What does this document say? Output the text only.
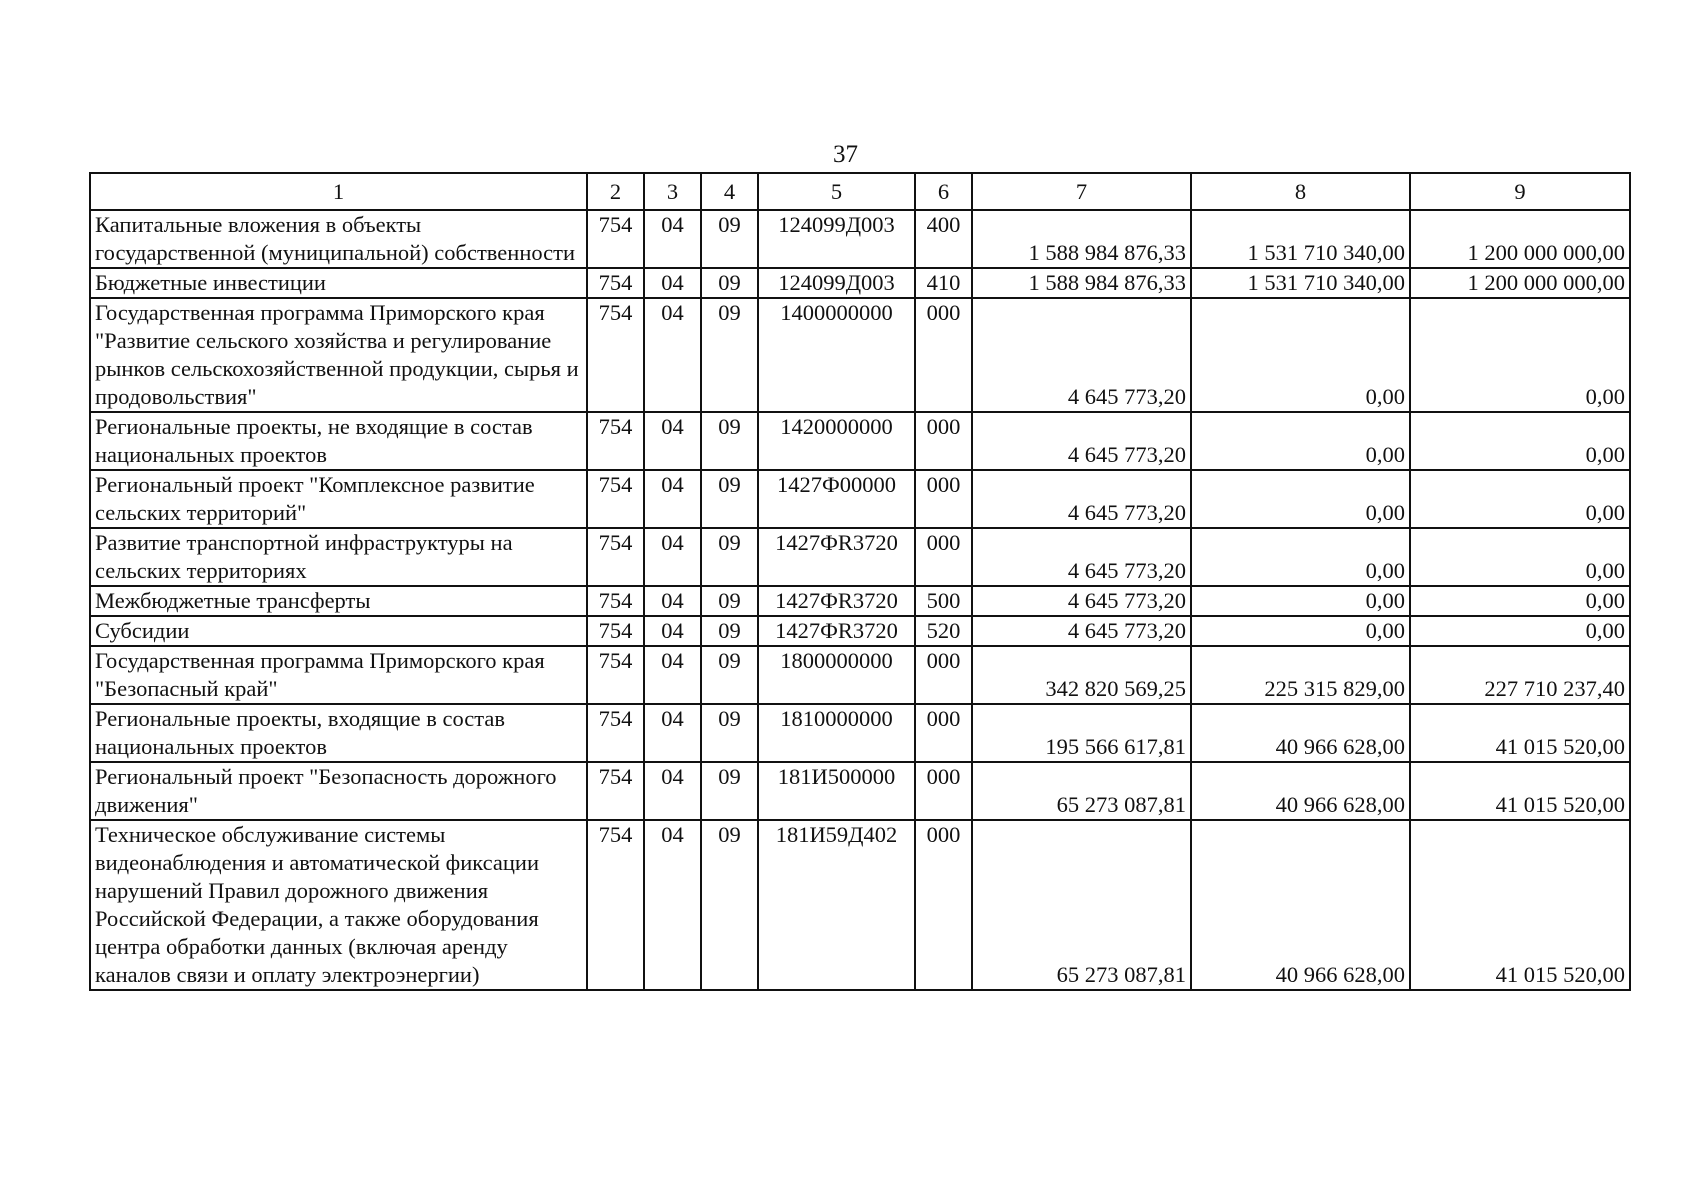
37
1	2	3	4	5	6	7	8	9
Капитальные вложения в объекты государственной (муниципальной) собственности	754	04	09	124099Д003	400	1 588 984 876,33	1 531 710 340,00	1 200 000 000,00
Бюджетные инвестиции	754	04	09	124099Д003	410	1 588 984 876,33	1 531 710 340,00	1 200 000 000,00
Государственная программа Приморского края "Развитие сельского хозяйства и регулирование рынков сельскохозяйственной продукции, сырья и продовольствия"	754	04	09	1400000000	000	4 645 773,20	0,00	0,00
Региональные проекты, не входящие в состав национальных проектов	754	04	09	1420000000	000	4 645 773,20	0,00	0,00
Региональный проект "Комплексное развитие сельских территорий"	754	04	09	1427Ф00000	000	4 645 773,20	0,00	0,00
Развитие транспортной инфраструктуры на сельских территориях	754	04	09	1427ФR3720	000	4 645 773,20	0,00	0,00
Межбюджетные трансферты	754	04	09	1427ФR3720	500	4 645 773,20	0,00	0,00
Субсидии	754	04	09	1427ФR3720	520	4 645 773,20	0,00	0,00
Государственная программа Приморского края "Безопасный край"	754	04	09	1800000000	000	342 820 569,25	225 315 829,00	227 710 237,40
Региональные проекты, входящие в состав национальных проектов	754	04	09	1810000000	000	195 566 617,81	40 966 628,00	41 015 520,00
Региональный проект "Безопасность дорожного движения"	754	04	09	181И500000	000	65 273 087,81	40 966 628,00	41 015 520,00
Техническое обслуживание системы видеонаблюдения и автоматической фиксации нарушений Правил дорожного движения Российской Федерации, а также оборудования центра обработки данных (включая аренду каналов связи и оплату электроэнергии)	754	04	09	181И59Д402	000	65 273 087,81	40 966 628,00	41 015 520,00
